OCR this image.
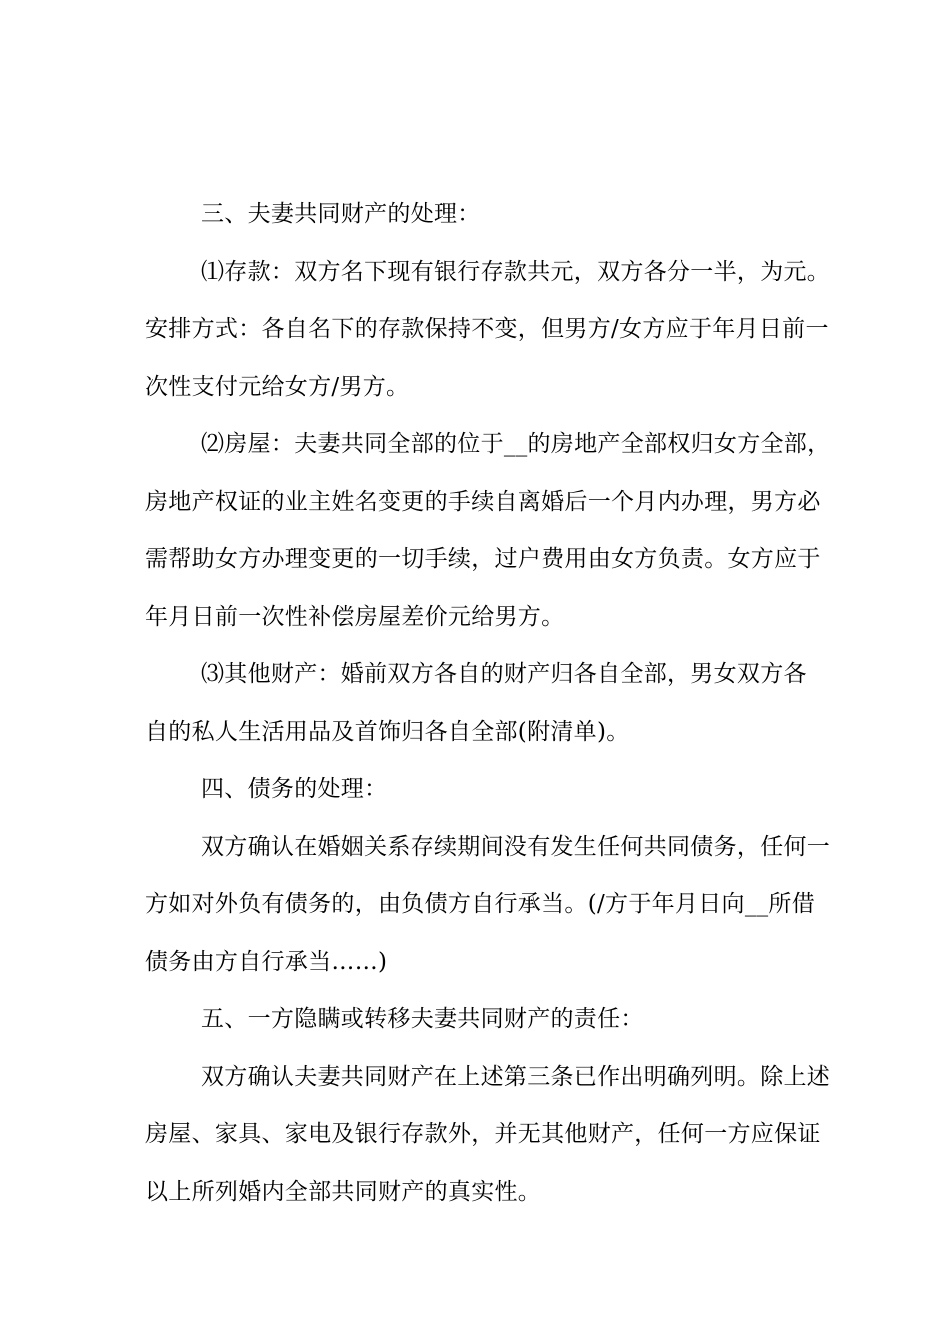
三、夫妻共同财产的处理：
⑴存款：双方名下现有银行存款共元，双方各分一半，为元。
安排方式：各自名下的存款保持不变，但男方/女方应于年月日前一
次性支付元给女方/男方。
⑵房屋：夫妻共同全部的位于__的房地产全部权归女方全部，
房地产权证的业主姓名变更的手续自离婚后一个月内办理，男方必
需帮助女方办理变更的一切手续，过户费用由女方负责。女方应于
年月日前一次性补偿房屋差价元给男方。
⑶其他财产：婚前双方各自的财产归各自全部，男女双方各
自的私人生活用品及首饰归各自全部(附清单)。
四、债务的处理：
双方确认在婚姻关系存续期间没有发生任何共同债务，任何一
方如对外负有债务的，由负债方自行承当。(/方于年月日向__所借
债务由方自行承当……)
五、一方隐瞒或转移夫妻共同财产的责任：
双方确认夫妻共同财产在上述第三条已作出明确列明。除上述
房屋、家具、家电及银行存款外，并无其他财产，任何一方应保证
以上所列婚内全部共同财产的真实性。
